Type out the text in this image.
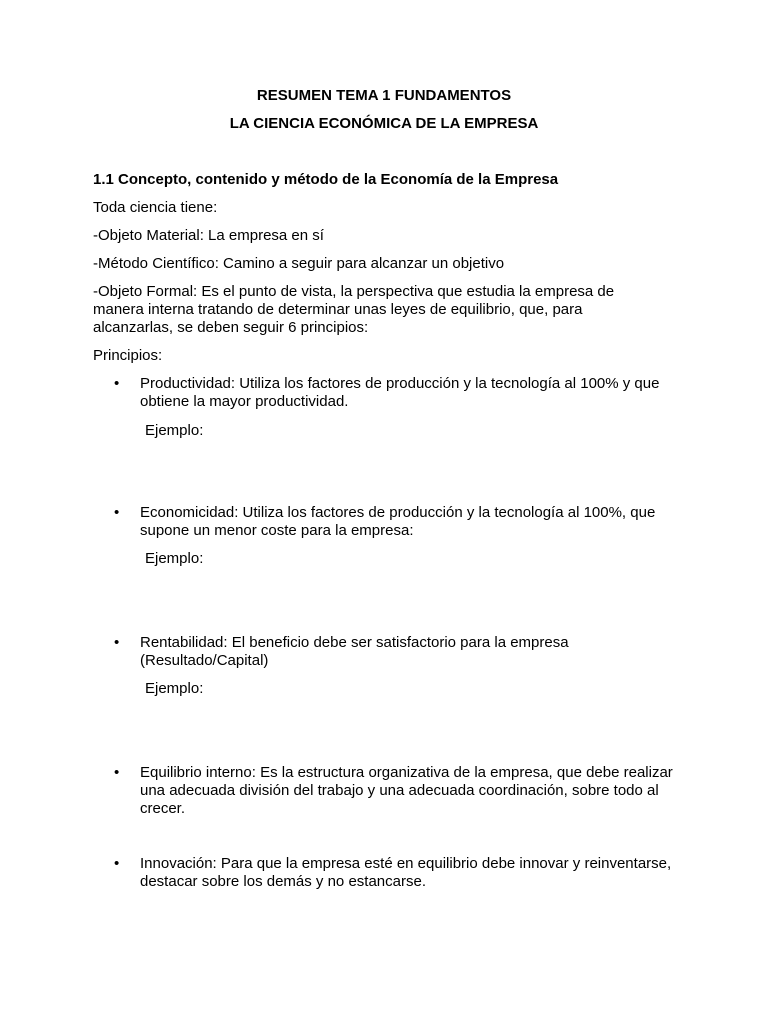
RESUMEN TEMA 1 FUNDAMENTOS
LA CIENCIA ECONÓMICA DE LA EMPRESA
1.1 Concepto, contenido y método de la Economía de la Empresa
Toda ciencia tiene:
-Objeto Material: La empresa en sí
-Método Científico: Camino a seguir para alcanzar un objetivo
-Objeto Formal: Es el punto de vista, la perspectiva que estudia la empresa de manera interna tratando de determinar unas leyes de equilibrio, que, para alcanzarlas, se deben seguir 6 principios:
Principios:
•	Productividad: Utiliza los factores de producción y la tecnología al 100% y que obtiene la mayor productividad.
Ejemplo:
•	Economicidad: Utiliza los factores de producción y la tecnología al 100%, que supone un menor coste para la empresa:
Ejemplo:
•	Rentabilidad: El beneficio debe ser satisfactorio para la empresa (Resultado/Capital)
Ejemplo:
•	Equilibrio interno: Es la estructura organizativa de la empresa, que debe realizar una adecuada división del trabajo y una adecuada coordinación, sobre todo al crecer.
•	Innovación: Para que la empresa esté en equilibrio debe innovar y reinventarse, destacar sobre los demás y no estancarse.
